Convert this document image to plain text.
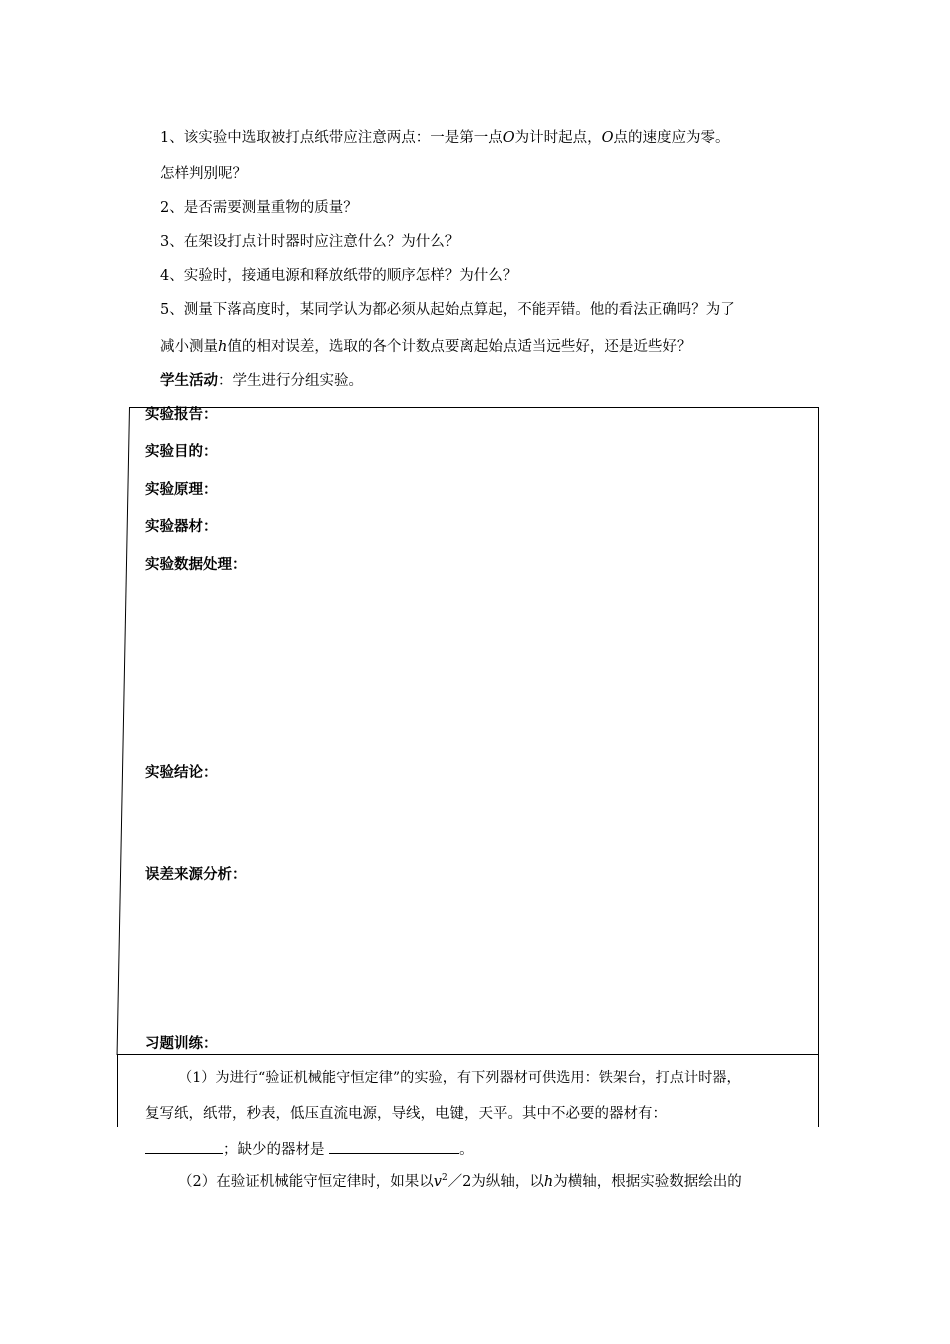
1、该实验中选取被打点纸带应注意两点：一是第一点O为计时起点，O点的速度应为零。
怎样判别呢？
2、是否需要测量重物的质量？
3、在架设打点计时器时应注意什么？为什么？
4、实验时，接通电源和释放纸带的顺序怎样？为什么？
5、测量下落高度时，某同学认为都必须从起始点算起，不能弄错。他的看法正确吗？为了
减小测量h值的相对误差，选取的各个计数点要离起始点适当远些好，还是近些好？
学生活动：学生进行分组实验。
实验报告：
实验目的：
实验原理：
实验器材：
实验数据处理：
实验结论：
误差来源分析：
习题训练：
（1）为进行“验证机械能守恒定律”的实验，有下列器材可供选用：铁架台，打点计时器，
复写纸，纸带，秒表，低压直流电源，导线，电键，天平。其中不必要的器材有：
；缺少的器材是	。
（2）在验证机械能守恒定律时，如果以$v^2/2$为纵轴，以h为横轴，根据实验数据绘出的
